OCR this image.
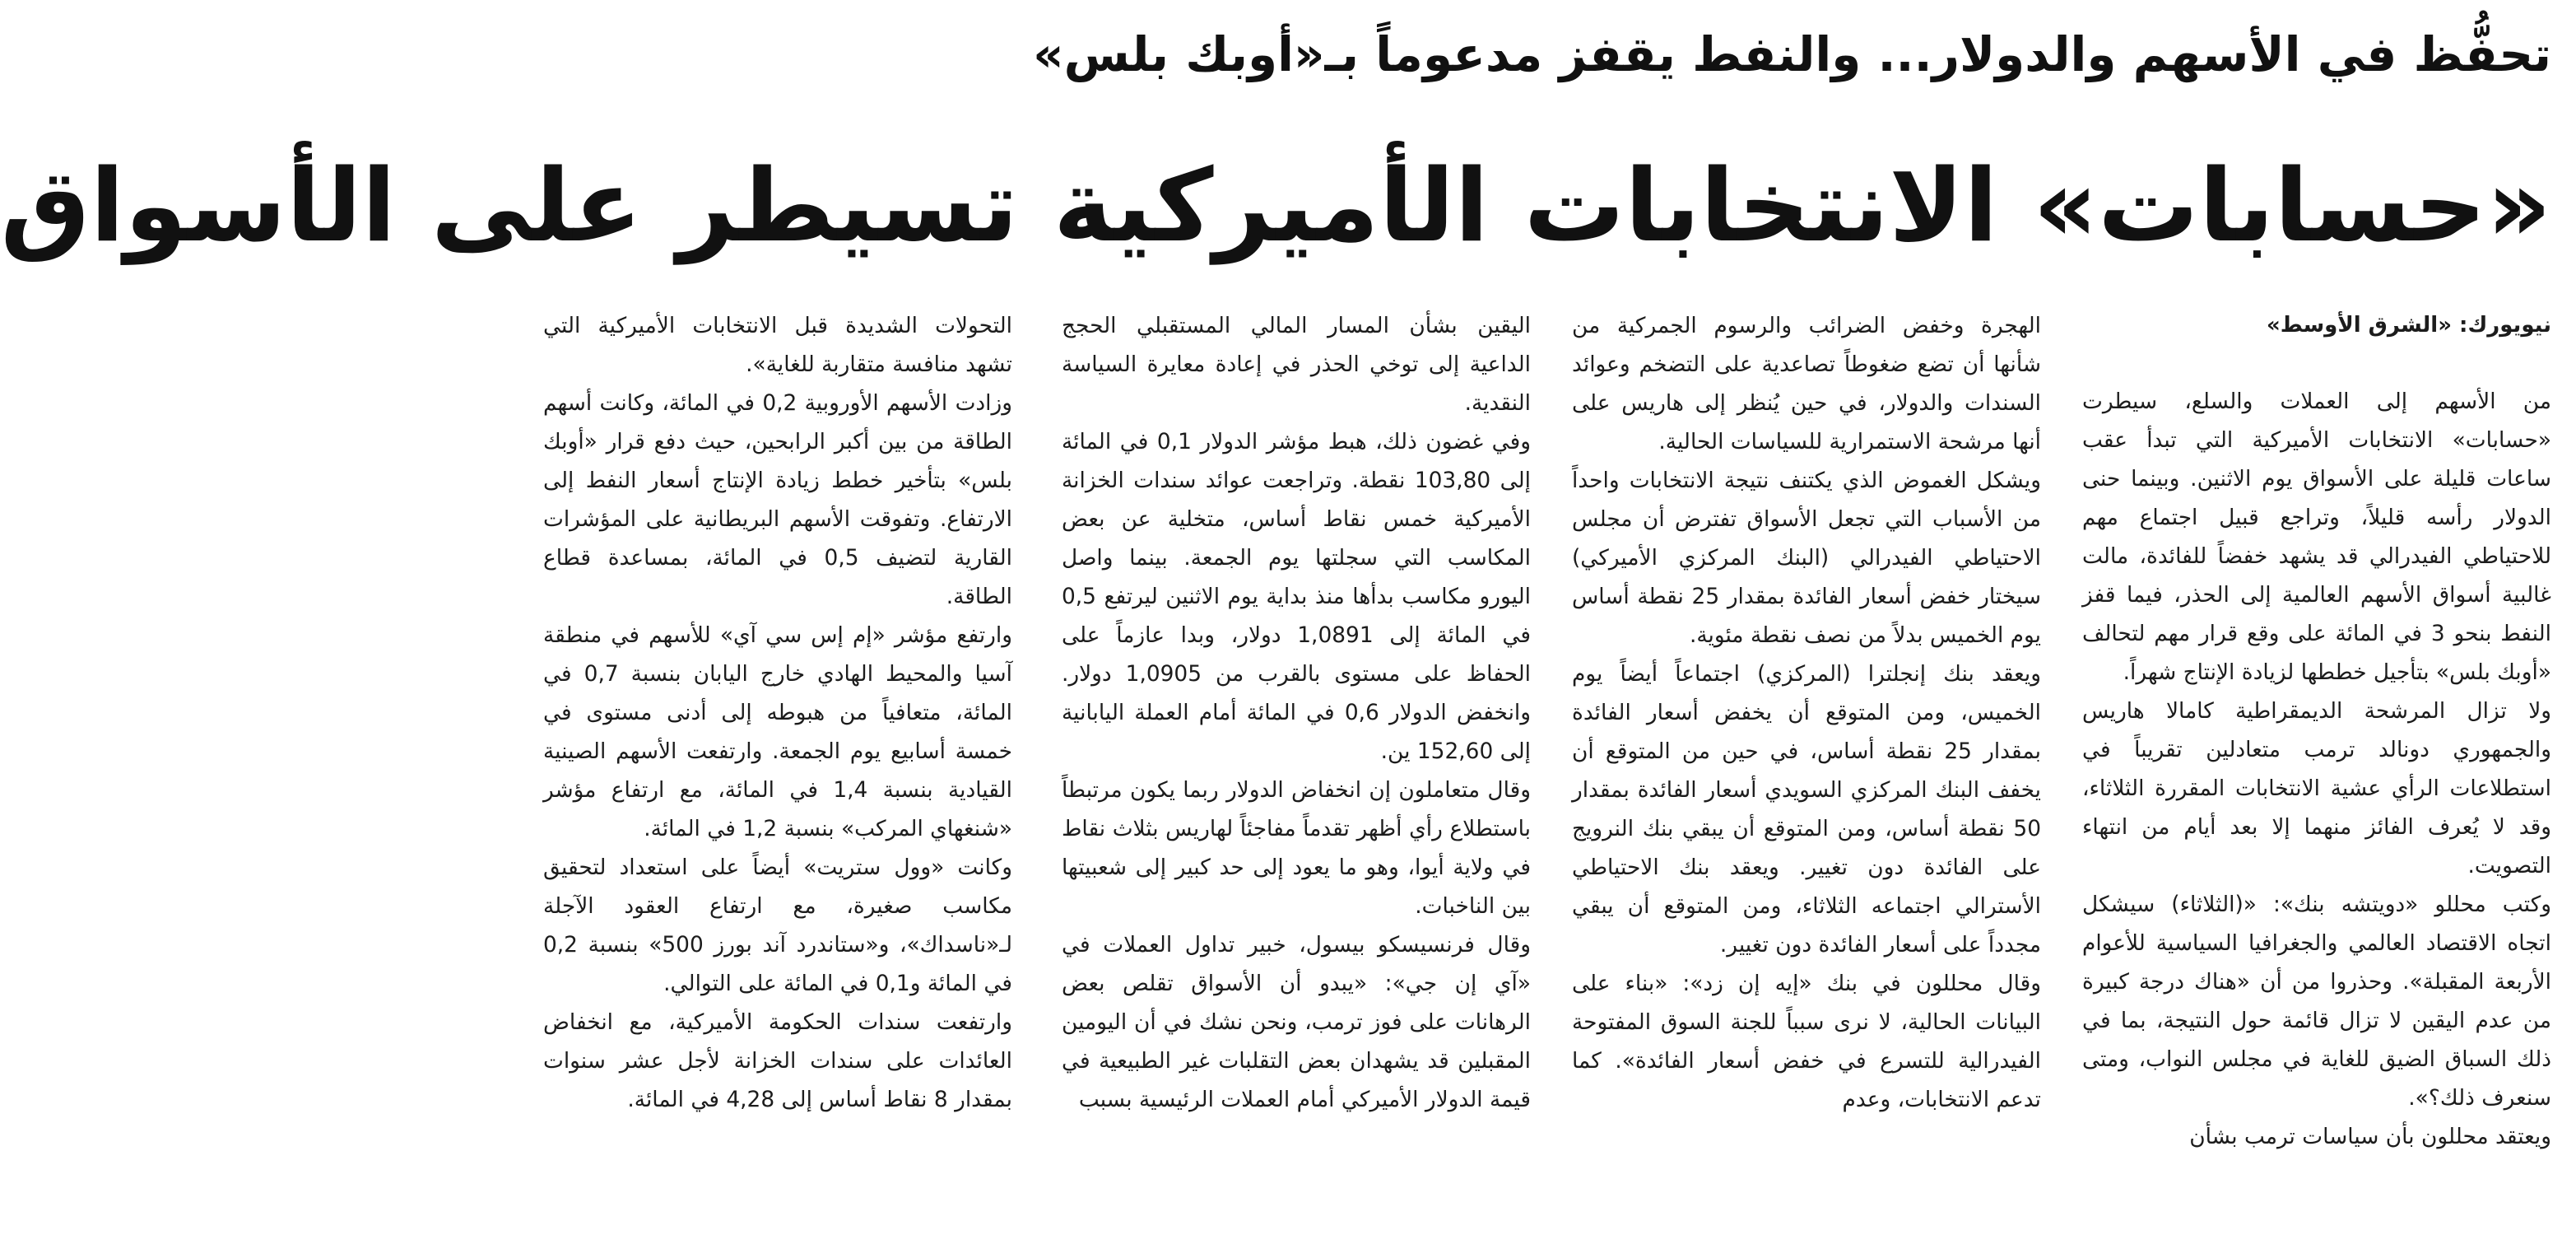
تحفُّظ في الأسهم والدولار... والنفط يقفز مدعوماً بـ«أوبك بلس»
«حسابات» الانتخابات الأميركية تسيطر على الأسواق
نيويورك: «الشرق الأوسط»

من الأسهم إلى العملات والسلع، سيطرت «حسابات» الانتخابات الأميركية التي تبدأ عقب ساعات قليلة على الأسواق يوم الاثنين. وبينما حنى الدولار رأسه قليلاً، وتراجع قبيل اجتماع مهم للاحتياطي الفيدرالي قد يشهد خفضاً للفائدة، مالت غالبية أسواق الأسهم العالمية إلى الحذر، فيما قفز النفط بنحو 3 في المائة على وقع قرار مهم لتحالف «أوبك بلس» بتأجيل خططها لزيادة الإنتاج شهراً.

ولا تزال المرشحة الديمقراطية كامالا هاريس والجمهوري دونالد ترمب متعادلين تقريباً في استطلاعات الرأي عشية الانتخابات المقررة الثلاثاء، وقد لا يُعرف الفائز منهما إلا بعد أيام من انتهاء التصويت.

وكتب محللو «دويتشه بنك»: «(الثلاثاء) سيشكل اتجاه الاقتصاد العالمي والجغرافيا السياسية للأعوام الأربعة المقبلة». وحذروا من أن «هناك درجة كبيرة من عدم اليقين لا تزال قائمة حول النتيجة، بما في ذلك السباق الضيق للغاية في مجلس النواب، ومتى سنعرف ذلك؟».

ويعتقد محللون بأن سياسات ترمب بشأن

الهجرة وخفض الضرائب والرسوم الجمركية من شأنها أن تضع ضغوطاً تصاعدية على التضخم وعوائد السندات والدولار، في حين يُنظر إلى هاريس على أنها مرشحة الاستمرارية للسياسات الحالية.

ويشكل الغموض الذي يكتنف نتيجة الانتخابات واحداً من الأسباب التي تجعل الأسواق تفترض أن مجلس الاحتياطي الفيدرالي (البنك المركزي الأميركي) سيختار خفض أسعار الفائدة بمقدار 25 نقطة أساس يوم الخميس بدلاً من نصف نقطة مئوية.

ويعقد بنك إنجلترا (المركزي) اجتماعاً أيضاً يوم الخميس، ومن المتوقع أن يخفض أسعار الفائدة بمقدار 25 نقطة أساس، في حين من المتوقع أن يخفف البنك المركزي السويدي أسعار الفائدة بمقدار 50 نقطة أساس، ومن المتوقع أن يبقي بنك النرويج على الفائدة دون تغيير. ويعقد بنك الاحتياطي الأسترالي اجتماعه الثلاثاء، ومن المتوقع أن يبقي مجدداً على أسعار الفائدة دون تغيير.

وقال محللون في بنك «إيه إن زد»: «بناء على البيانات الحالية، لا نرى سبباً للجنة السوق المفتوحة الفيدرالية للتسرع في خفض أسعار الفائدة». كما تدعم الانتخابات، وعدم

اليقين بشأن المسار المالي المستقبلي الحجج الداعية إلى توخي الحذر في إعادة معايرة السياسة النقدية.

وفي غضون ذلك، هبط مؤشر الدولار 0,1 في المائة إلى 103,80 نقطة. وتراجعت عوائد سندات الخزانة الأميركية خمس نقاط أساس، متخلية عن بعض المكاسب التي سجلتها يوم الجمعة. بينما واصل اليورو مكاسب بدأها منذ بداية يوم الاثنين ليرتفع 0,5 في المائة إلى 1,0891 دولار، وبدا عازماً على الحفاظ على مستوى بالقرب من 1,0905 دولار. وانخفض الدولار 0,6 في المائة أمام العملة اليابانية إلى 152,60 ين.

وقال متعاملون إن انخفاض الدولار ربما يكون مرتبطاً باستطلاع رأي أظهر تقدماً مفاجئاً لهاريس بثلاث نقاط في ولاية أيوا، وهو ما يعود إلى حد كبير إلى شعبيتها بين الناخبات.

وقال فرنسيسكو بيسول، خبير تداول العملات في «آي إن جي»: «يبدو أن الأسواق تقلص بعض الرهانات على فوز ترمب، ونحن نشك في أن اليومين المقبلين قد يشهدان بعض التقلبات غير الطبيعية في قيمة الدولار الأميركي أمام العملات الرئيسية بسبب

التحولات الشديدة قبل الانتخابات الأميركية التي تشهد منافسة متقاربة للغاية».

وزادت الأسهم الأوروبية 0,2 في المائة، وكانت أسهم الطاقة من بين أكبر الرابحين، حيث دفع قرار «أوبك بلس» بتأخير خطط زيادة الإنتاج أسعار النفط إلى الارتفاع. وتفوقت الأسهم البريطانية على المؤشرات القارية لتضيف 0,5 في المائة، بمساعدة قطاع الطاقة.

وارتفع مؤشر «إم إس سي آي» للأسهم في منطقة آسيا والمحيط الهادي خارج اليابان بنسبة 0,7 في المائة، متعافياً من هبوطه إلى أدنى مستوى في خمسة أسابيع يوم الجمعة. وارتفعت الأسهم الصينية القيادية بنسبة 1,4 في المائة، مع ارتفاع مؤشر «شنغهاي المركب» بنسبة 1,2 في المائة.

وكانت «وول ستريت» أيضاً على استعداد لتحقيق مكاسب صغيرة، مع ارتفاع العقود الآجلة لـ«ناسداك»، و«ستاندرد آند بورز 500» بنسبة 0,2 في المائة و0,1 في المائة على التوالي.

وارتفعت سندات الحكومة الأميركية، مع انخفاض العائدات على سندات الخزانة لأجل عشر سنوات بمقدار 8 نقاط أساس إلى 4,28 في المائة.
